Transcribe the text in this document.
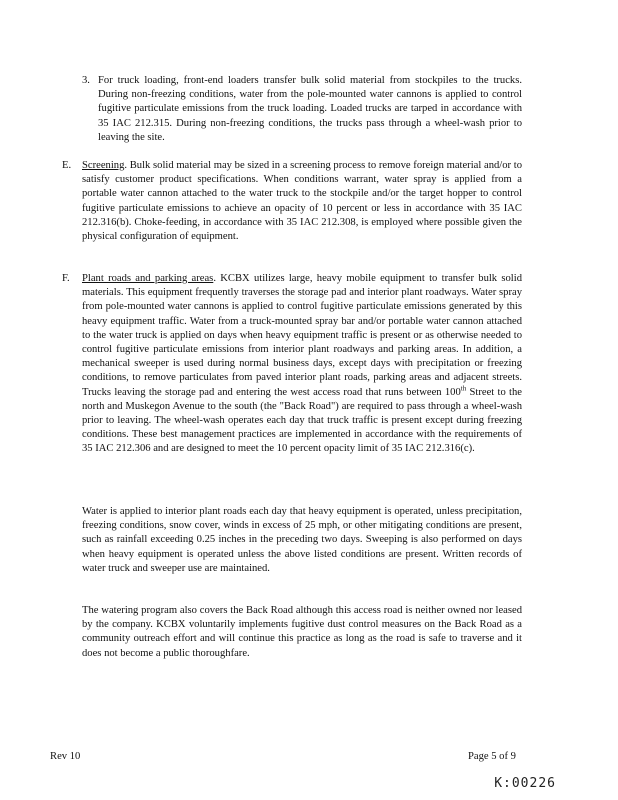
3. For truck loading, front-end loaders transfer bulk solid material from stockpiles to the trucks. During non-freezing conditions, water from the pole-mounted water cannons is applied to control fugitive particulate emissions from the truck loading. Loaded trucks are tarped in accordance with 35 IAC 212.315. During non-freezing conditions, the trucks pass through a wheel-wash prior to leaving the site.

E. Screening. Bulk solid material may be sized in a screening process to remove foreign material and/or to satisfy customer product specifications. When conditions warrant, water spray is applied from a portable water cannon attached to the water truck to the stockpile and/or the target hopper to control fugitive particulate emissions to achieve an opacity of 10 percent or less in accordance with 35 IAC 212.316(b). Choke-feeding, in accordance with 35 IAC 212.308, is employed where possible given the physical configuration of equipment.

F. Plant roads and parking areas. KCBX utilizes large, heavy mobile equipment to transfer bulk solid materials. This equipment frequently traverses the storage pad and interior plant roadways. Water spray from pole-mounted water cannons is applied to control fugitive particulate emissions generated by this heavy equipment traffic. Water from a truck-mounted spray bar and/or portable water cannon attached to the water truck is applied on days when heavy equipment traffic is present or as otherwise needed to control fugitive particulate emissions from interior plant roadways and parking areas. In addition, a mechanical sweeper is used during normal business days, except days with precipitation or freezing conditions, to remove particulates from paved interior plant roads, parking areas and adjacent streets. Trucks leaving the storage pad and entering the west access road that runs between 100th Street to the north and Muskegon Avenue to the south (the "Back Road") are required to pass through a wheel-wash prior to leaving. The wheel-wash operates each day that truck traffic is present except during freezing conditions. These best management practices are implemented in accordance with the requirements of 35 IAC 212.306 and are designed to meet the 10 percent opacity limit of 35 IAC 212.316(c).

Water is applied to interior plant roads each day that heavy equipment is operated, unless precipitation, freezing conditions, snow cover, winds in excess of 25 mph, or other mitigating conditions are present, such as rainfall exceeding 0.25 inches in the preceding two days. Sweeping is also performed on days when heavy equipment is operated unless the above listed conditions are present. Written records of water truck and sweeper use are maintained.

The watering program also covers the Back Road although this access road is neither owned nor leased by the company. KCBX voluntarily implements fugitive dust control measures on the Back Road as a community outreach effort and will continue this practice as long as the road is safe to traverse and it does not become a public thoroughfare.

Rev 10	Page 5 of 9
K:00226
